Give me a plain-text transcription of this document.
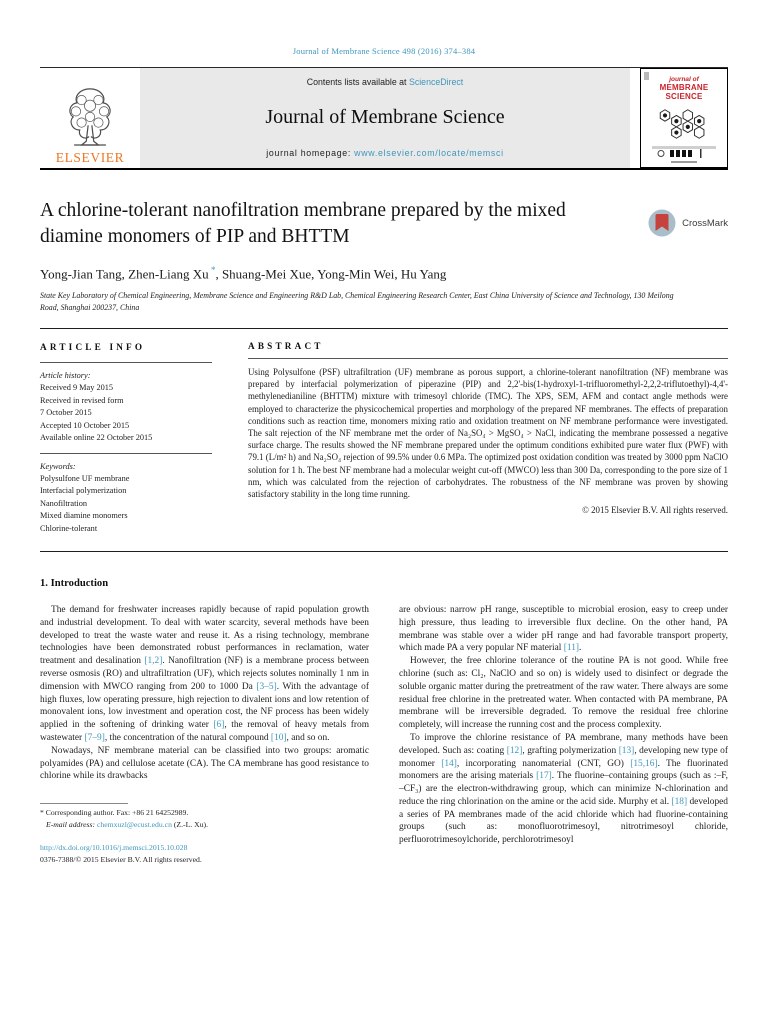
Journal of Membrane Science 498 (2016) 374–384
ELSEVIER
Contents lists available at ScienceDirect
Journal of Membrane Science
journal homepage: www.elsevier.com/locate/memsci
journal of
MEMBRANE
SCIENCE
A chlorine-tolerant nanofiltration membrane prepared by the mixed diamine monomers of PIP and BHTTM
CrossMark
Yong-Jian Tang, Zhen-Liang Xu *, Shuang-Mei Xue, Yong-Min Wei, Hu Yang
State Key Laboratory of Chemical Engineering, Membrane Science and Engineering R&D Lab, Chemical Engineering Research Center, East China University of Science and Technology, 130 Meilong Road, Shanghai 200237, China
ARTICLE INFO
Article history:
Received 9 May 2015
Received in revised form
7 October 2015
Accepted 10 October 2015
Available online 22 October 2015
Keywords:
Polysulfone UF membrane
Interfacial polymerization
Nanofiltration
Mixed diamine monomers
Chlorine-tolerant
ABSTRACT

Using Polysulfone (PSF) ultrafiltration (UF) membrane as porous support, a chlorine-tolerant nanofiltration (NF) membrane was prepared by interfacial polymerization of piperazine (PIP) and 2,2'-bis(1-hydroxyl-1-trifluoromethyl-2,2,2-triflutoethyl)-4,4'-methylenedianiline (BHTTM) mixture with trimesoyl chloride (TMC). The XPS, SEM, AFM and contact angle methods were employed to characterize the physicochemical properties and morphology of the prepared NF membranes. The effects of preparation conditions such as reaction time, monomers mixing ratio and oxidation treatment on NF membrane performance were investigated. The salt rejection of the NF membrane met the order of Na₂SO₄ > MgSO₄ > NaCl, indicating the membrane possessed a negative surface charge. The results showed the NF membrane prepared under the optimum conditions exhibited pure water flux (PWF) with 79.1 (L/m² h) and Na₂SO₄ rejection of 99.5% under 0.6 MPa. The optimized post oxidation condition was treated by 3000 ppm NaClO solution for 1 h. The best NF membrane had a molecular weight cut-off (MWCO) less than 300 Da, corresponding to the pore size of 1 nm, which was calculated from the rejection of carbohydrates. The robustness of the NF membrane was proven by showing satisfactory stability in the long time running.

© 2015 Elsevier B.V. All rights reserved.
1. Introduction

The demand for freshwater increases rapidly because of rapid population growth and industrial development. To deal with water scarcity, several methods have been developed to treat the waste water and reuse it. As a rising technology, membrane technologies have been demonstrated robust performances in reclamation, water treatment and desalination [1,2]. Nanofiltration (NF) is a membrane process between reverse osmosis (RO) and ultrafiltration (UF), which rejects solutes nominally 1 nm in dimension with MWCO ranging from 200 to 1000 Da [3–5]. With the advantage of high fluxes, low operating pressure, high rejection to divalent ions and low retention of monovalent ions, low investment and operation cost, the NF process has been widely applied in the softening of drinking water [6], the removal of heavy metals from wastewater [7–9], the concentration of the natural compound [10], and so on.

Nowadays, NF membrane material can be classified into two groups: aromatic polyamides (PA) and cellulose acetate (CA). The CA membrane has good resistance to chlorine while its drawbacks

* Corresponding author. Fax: +86 21 64252989.
E-mail address: chemxuzl@ecust.edu.cn (Z.-L. Xu).
http://dx.doi.org/10.1016/j.memsci.2015.10.028
0376-7388/© 2015 Elsevier B.V. All rights reserved.

are obvious: narrow pH range, susceptible to microbial erosion, easy to creep under high pressure, thus leading to irreversible flux decline. On the other hand, PA membrane was stable over a wider pH range and had favorable transport property, which made PA a very popular NF material [11].

However, the free chlorine tolerance of the routine PA is not good. While free chlorine (such as: Cl₂, NaClO and so on) is widely used to disinfect or degrade the soluble organic matter during the pretreatment of the raw water. There always are some residual free chlorine in the pretreated water. When contacted with PA membrane, PA membrane will be irreversible degraded. To remove the residual free chlorine completely, will increase the running cost and the process complexity.

To improve the chlorine resistance of PA membrane, many methods have been developed. Such as: coating [12], grafting polymerization [13], developing new type of monomer [14], incorporating nanomaterial (CNT, GO) [15,16]. The fluorinated monomers are the arising materials [17]. The fluorine–containing groups (such as :–F, –CF₃) are the electron-withdrawing group, which can minimize N-chlorination and reduce the ring chlorination on the amine or the acid side. Murphy et al. [18] developed a series of PA membranes made of the acid chloride which had fluorine-containing groups (such as: monofluorotrimesoyl, nitrotrimesoyl chloride, perfluorotrimesoylchoride, perchlorotrimesoyl
